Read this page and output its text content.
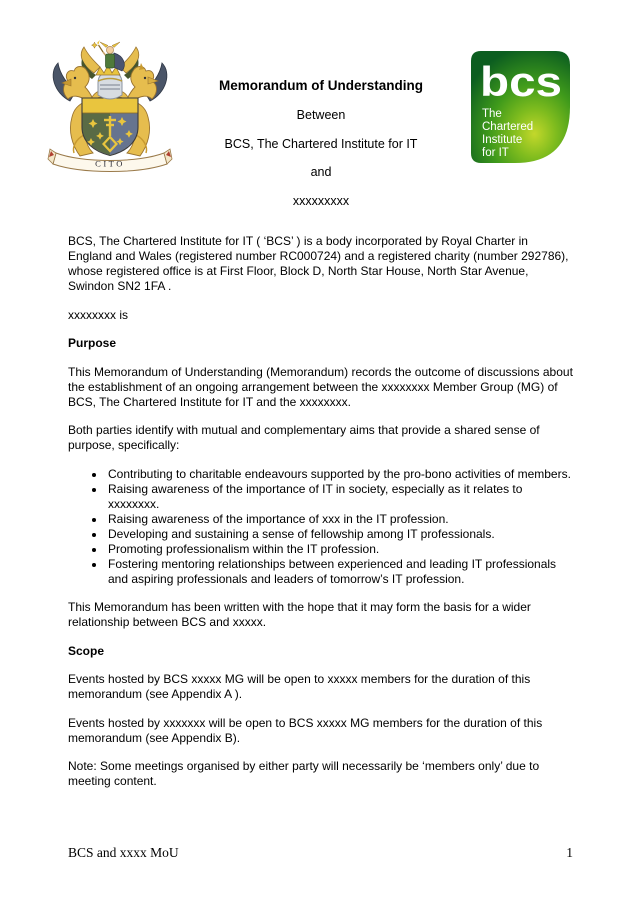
CITO
Memorandum of Understanding
Between
BCS, The Chartered Institute for IT
and
xxxxxxxxx
bcs
The
Chartered
Institute
for IT

BCS, The Chartered Institute for IT ( ‘BCS’ ) is a body incorporated by Royal Charter in England and Wales (registered number RC000724) and a registered charity (number 292786), whose registered office is at First Floor, Block D, North Star House, North Star Avenue, Swindon SN2 1FA .

xxxxxxxx is

Purpose

This Memorandum of Understanding (Memorandum) records the outcome of discussions about the establishment of an ongoing arrangement between the xxxxxxxx Member Group (MG) of BCS, The Chartered Institute for IT and the xxxxxxxx.

Both parties identify with mutual and complementary aims that provide a shared sense of purpose, specifically:

• Contributing to charitable endeavours supported by the pro-bono activities of members.
• Raising awareness of the importance of IT in society, especially as it relates to xxxxxxxx.
• Raising awareness of the importance of xxx in the IT profession.
• Developing and sustaining a sense of fellowship among IT professionals.
• Promoting professionalism within the IT profession.
• Fostering mentoring relationships between experienced and leading IT professionals and aspiring professionals and leaders of tomorrow’s IT profession.

This Memorandum has been written with the hope that it may form the basis for a wider relationship between BCS and xxxxx.

Scope

Events hosted by BCS xxxxx MG will be open to xxxxx members for the duration of this memorandum (see Appendix A ).

Events hosted by xxxxxxx will be open to BCS xxxxx MG members for the duration of this memorandum (see Appendix B).

Note: Some meetings organised by either party will necessarily be ‘members only’ due to meeting content.

BCS and xxxx MoU	1
